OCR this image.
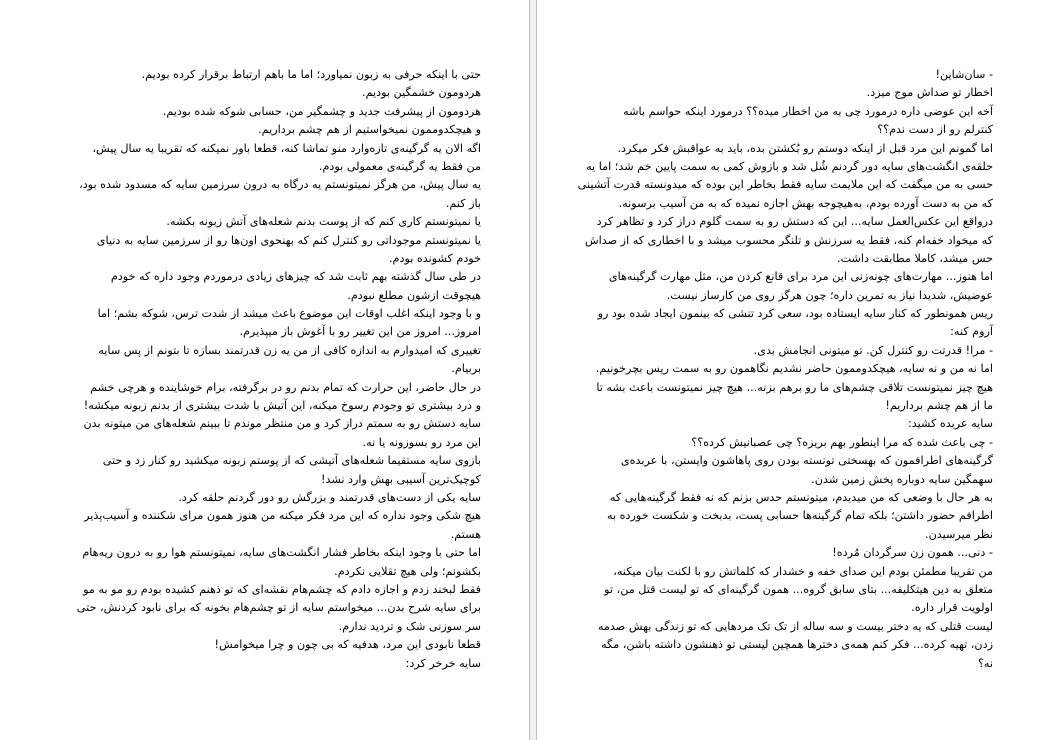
حتی با اینکه حرفی به زبون نمیاورد؛ اما ما باهم ارتباط برقرار کرده بودیم.
هردومون خشمگین بودیم.
هردومون از پیشرفت جدید و چشمگیر من، حسابی شوکه شده بودیم.
و هیچکدوممون نمیخواستیم از هم چشم برداریم.
اگه الان یه گرگینه‌ی تازه‌وارد منو تماشا کنه، قطعا باور نمیکنه که تقریبا یه سال پیش،
من فقط یه گرگینه‌ی معمولی بودم.
یه سال پیش، من هرگز نمیتونستم یه درگاه به درون سرزمین سایه که مسدود شده بود،
باز کنم.
یا نمیتونستم کاری کنم که از پوست بدنم شعله‌های آتش زبونه بکشه.
یا نمیتونستم موجوداتی رو کنترل کنم که بهنحوی اون‌ها رو از سرزمین سایه به دنیای
خودم کشونده بودم.
در طی سال گذشته بهم ثابت شد که چیزهای زیادی درموردم وجود داره که خودم
هیچوقت ازشون مطلع نبودم.
و با وجود اینکه اغلب اوقات این موضوع باعث میشد از شدت ترس، شوکه بشم؛ اما
امروز... امروز من این تغییر رو با آغوش باز میپذیرم.
تغییری که امیدوارم به اندازه کافی از من یه زن قدرتمند بسازه تا بتونم از پس سایه
بربیام.
در حال حاضر، این حرارت که تمام بدنم رو در برگرفته، برام خوشایند‌ه و هرچی خشم
و درد بیشتری تو وجودم رسوخ میکنه، این آتیش با شدت بیشتری از بدنم زبونه میکشه!
سایه دستش رو به سمتم دراز کرد و من منتظر موندم تا ببینم شعله‌های من میتونه بدن
این مرد رو بسوزونه یا نه.
بازوی سایه مستقیما شعله‌های آتیشی که از پوستم زبونه میکشید رو کنار زد و حتی
کوچیک‌ترین آسیبی بهش وارد نشد!
سایه یکی از دست‌های قدرتمند و بزرگش رو دور گردنم حلقه کرد.
هیچ شکی وجود نداره که این مرد فکر میکنه من هنوز همون مرای شکننده و آسیب‌پذیر
هستم.
اما حتی با وجود اینکه بخاطر فشار انگشت‌های سایه، نمیتونستم هوا رو به درون ریه‌هام
بکشونم؛ ولی هیچ تقلایی نکردم.
فقط لبخند زدم و اجازه دادم که چشم‌هام نقشه‌ای که تو ذهنم کشیده بودم رو مو به مو
برای سایه شرح بدن... میخواستم سایه از تو چشم‌هام بخونه که برای نابود کردنش، حتی
سر سوزنی شک و تردید ندارم.
قطعا نابودی این مرد، هدفیه که بی چون و چرا میخوامش!
سایه خرخر کرد:
- سان‌شاین!
اخطار تو صداش موج میزد.
آخه این عوضی داره درمورد چی به من اخطار میده؟؟ درمورد اینکه حواسم باشه
کنترلم رو از دست ندم؟؟
اما گمونم این مرد قبل از اینکه دوستم رو بُکشتن بده، باید به عواقبش فکر میکرد.
حلقه‌ی انگشت‌های سایه دور گردنم شُل شد و بازوش کمی به سمت پایین خم شد؛ اما یه
حسی به من میگفت که این ملایمت سایه فقط بخاطر این بوده که میدونسته قدرت آتشینی
که من به دست آورده بودم، به‌هیچوجه بهش اجازه نمیده که به من آسیب برسونه.
درواقع این عکس‌العمل سایه... این که دستش رو به سمت گلوم دراز کرد و تظاهر کرد
که میخواد خفه‌ام کنه، فقط یه سرزنش و تلنگر محسوب میشد و با اخطاری که از صداش
حس میشد، کاملا مطابقت داشت.
اما هنوز... مهارت‌های چونه‌زنی این مرد برای قانع کردن من، مثل مهارت گرگینه‌های
عوضیش، شدیدا نیاز به تمرین داره؛ چون هرگز روی من کارساز نیست.
ریس همونطور که کنار سایه ایستاده بود، سعی کرد تنشی که بینمون ایجاد شده بود رو
آروم کنه:
- مرا! قدرتت رو کنترل کن. تو میتونی انجامش بدی.
اما نه من و نه سایه، هیچکدوممون حاضر نشدیم نگاهمون رو به سمت ریس بچرخونیم.
هیچ چیز نمیتونست تلاقی چشم‌های ما رو برهم بزنه... هیچ چیز نمیتونست باعث بشه تا
ما از هم چشم برداریم!
سایه عربده کشید:
- چی باعث شده که مرا اینطور بهم بریزه؟ چی عصبانیش کرده؟؟
گرگینه‌های اطرافمون که بهسختی تونسته بودن روی پاهاشون وایستن، با عربده‌ی
سهمگین سایه دوباره پخش زمین شدن.
به هر حال با وضعی که من میدیدم، میتونستم حدس بزنم که نه فقط گرگینه‌هایی که
اطرافم حضور داشتن؛ بلکه تمام گرگینه‌ها حسابی پست، بدبخت و شکست خورده به
نظر میرسیدن.
- دنی... همون زن سرگردان مُرده!
من تقریبا مطمئن بودم این صدای خفه و خشدار که کلماتش رو با لکنت بیان میکنه،
متعلق به دین هیتکلیفه... بتای سابق گروه... همون گرگینه‌ای که تو لیست قتل من، تو
اولویت قرار داره.
لیست قتلی که یه دختر بیست و سه ساله از تک تک مردهایی که تو زندگی بهش صدمه
زدن، تهیه کرده... فکر کنم همه‌ی دخترها همچین لیستی تو ذهنشون داشته باشن، مگه
نه؟
